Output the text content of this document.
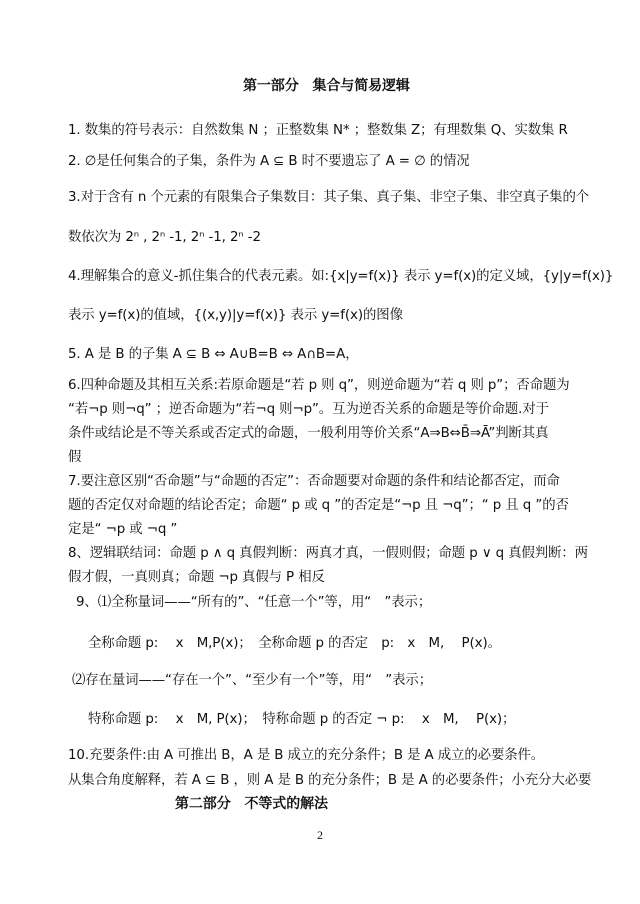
第一部分　集合与简易逻辑
1. 数集的符号表示：自然数集 N ；正整数集 N* ；整数集 Z；有理数集 Q、实数集 R
2. ∅是任何集合的子集，条件为 A ⊆ B 时不要遗忘了 A = ∅ 的情况
3.对于含有 n 个元素的有限集合子集数目：其子集、真子集、非空子集、非空真子集的个
数依次为 2ⁿ , 2ⁿ -1, 2ⁿ -1, 2ⁿ -2
4.理解集合的意义-抓住集合的代表元素。如:{x|y=f(x)} 表示 y=f(x)的定义域，{y|y=f(x)}
表示 y=f(x)的值域，{(x,y)|y=f(x)} 表示 y=f(x)的图像
5. A 是 B 的子集 A ⊆ B ⇔ A∪B=B ⇔ A∩B=A，
6.四种命题及其相互关系:若原命题是“若 p 则 q”，则逆命题为“若 q 则 p”；否命题为
“若¬p 则¬q” ；逆否命题为“若¬q 则¬p”。互为逆否关系的命题是等价命题.对于
条件或结论是不等关系或否定式的命题，一般利用等价关系“A⇒B⇔B̄⇒Ā”判断其真
假
7.要注意区别“否命题”与“命题的否定”：否命题要对命题的条件和结论都否定，而命
题的否定仅对命题的结论否定；命题“ p 或 q ”的否定是“¬p 且 ¬q”；“ p 且 q ”的否
定是“ ¬p 或 ¬q ”
8、逻辑联结词：命题 p ∧ q 真假判断：两真才真，一假则假；命题 p ∨ q 真假判断：两
假才假，一真则真；命题 ¬p 真假与 P 相反
9、⑴全称量词——“所有的”、“任意一个”等，用“　”表示；
全称命题 p:　 x　M,P(x)；　全称命题 p 的否定　p:　x　M,　 P(x)。
⑵存在量词——“存在一个”、“至少有一个”等，用“　”表示；
特称命题 p:　 x　M, P(x)；　特称命题 p 的否定 ¬ p:　 x　M,　 P(x)；
10.充要条件:由 A 可推出 B，A 是 B 成立的充分条件；B 是 A 成立的必要条件。
从集合角度解释，若 A ⊆ B ，则 A 是 B 的充分条件；B 是 A 的必要条件；小充分大必要
第二部分　不等式的解法
2
